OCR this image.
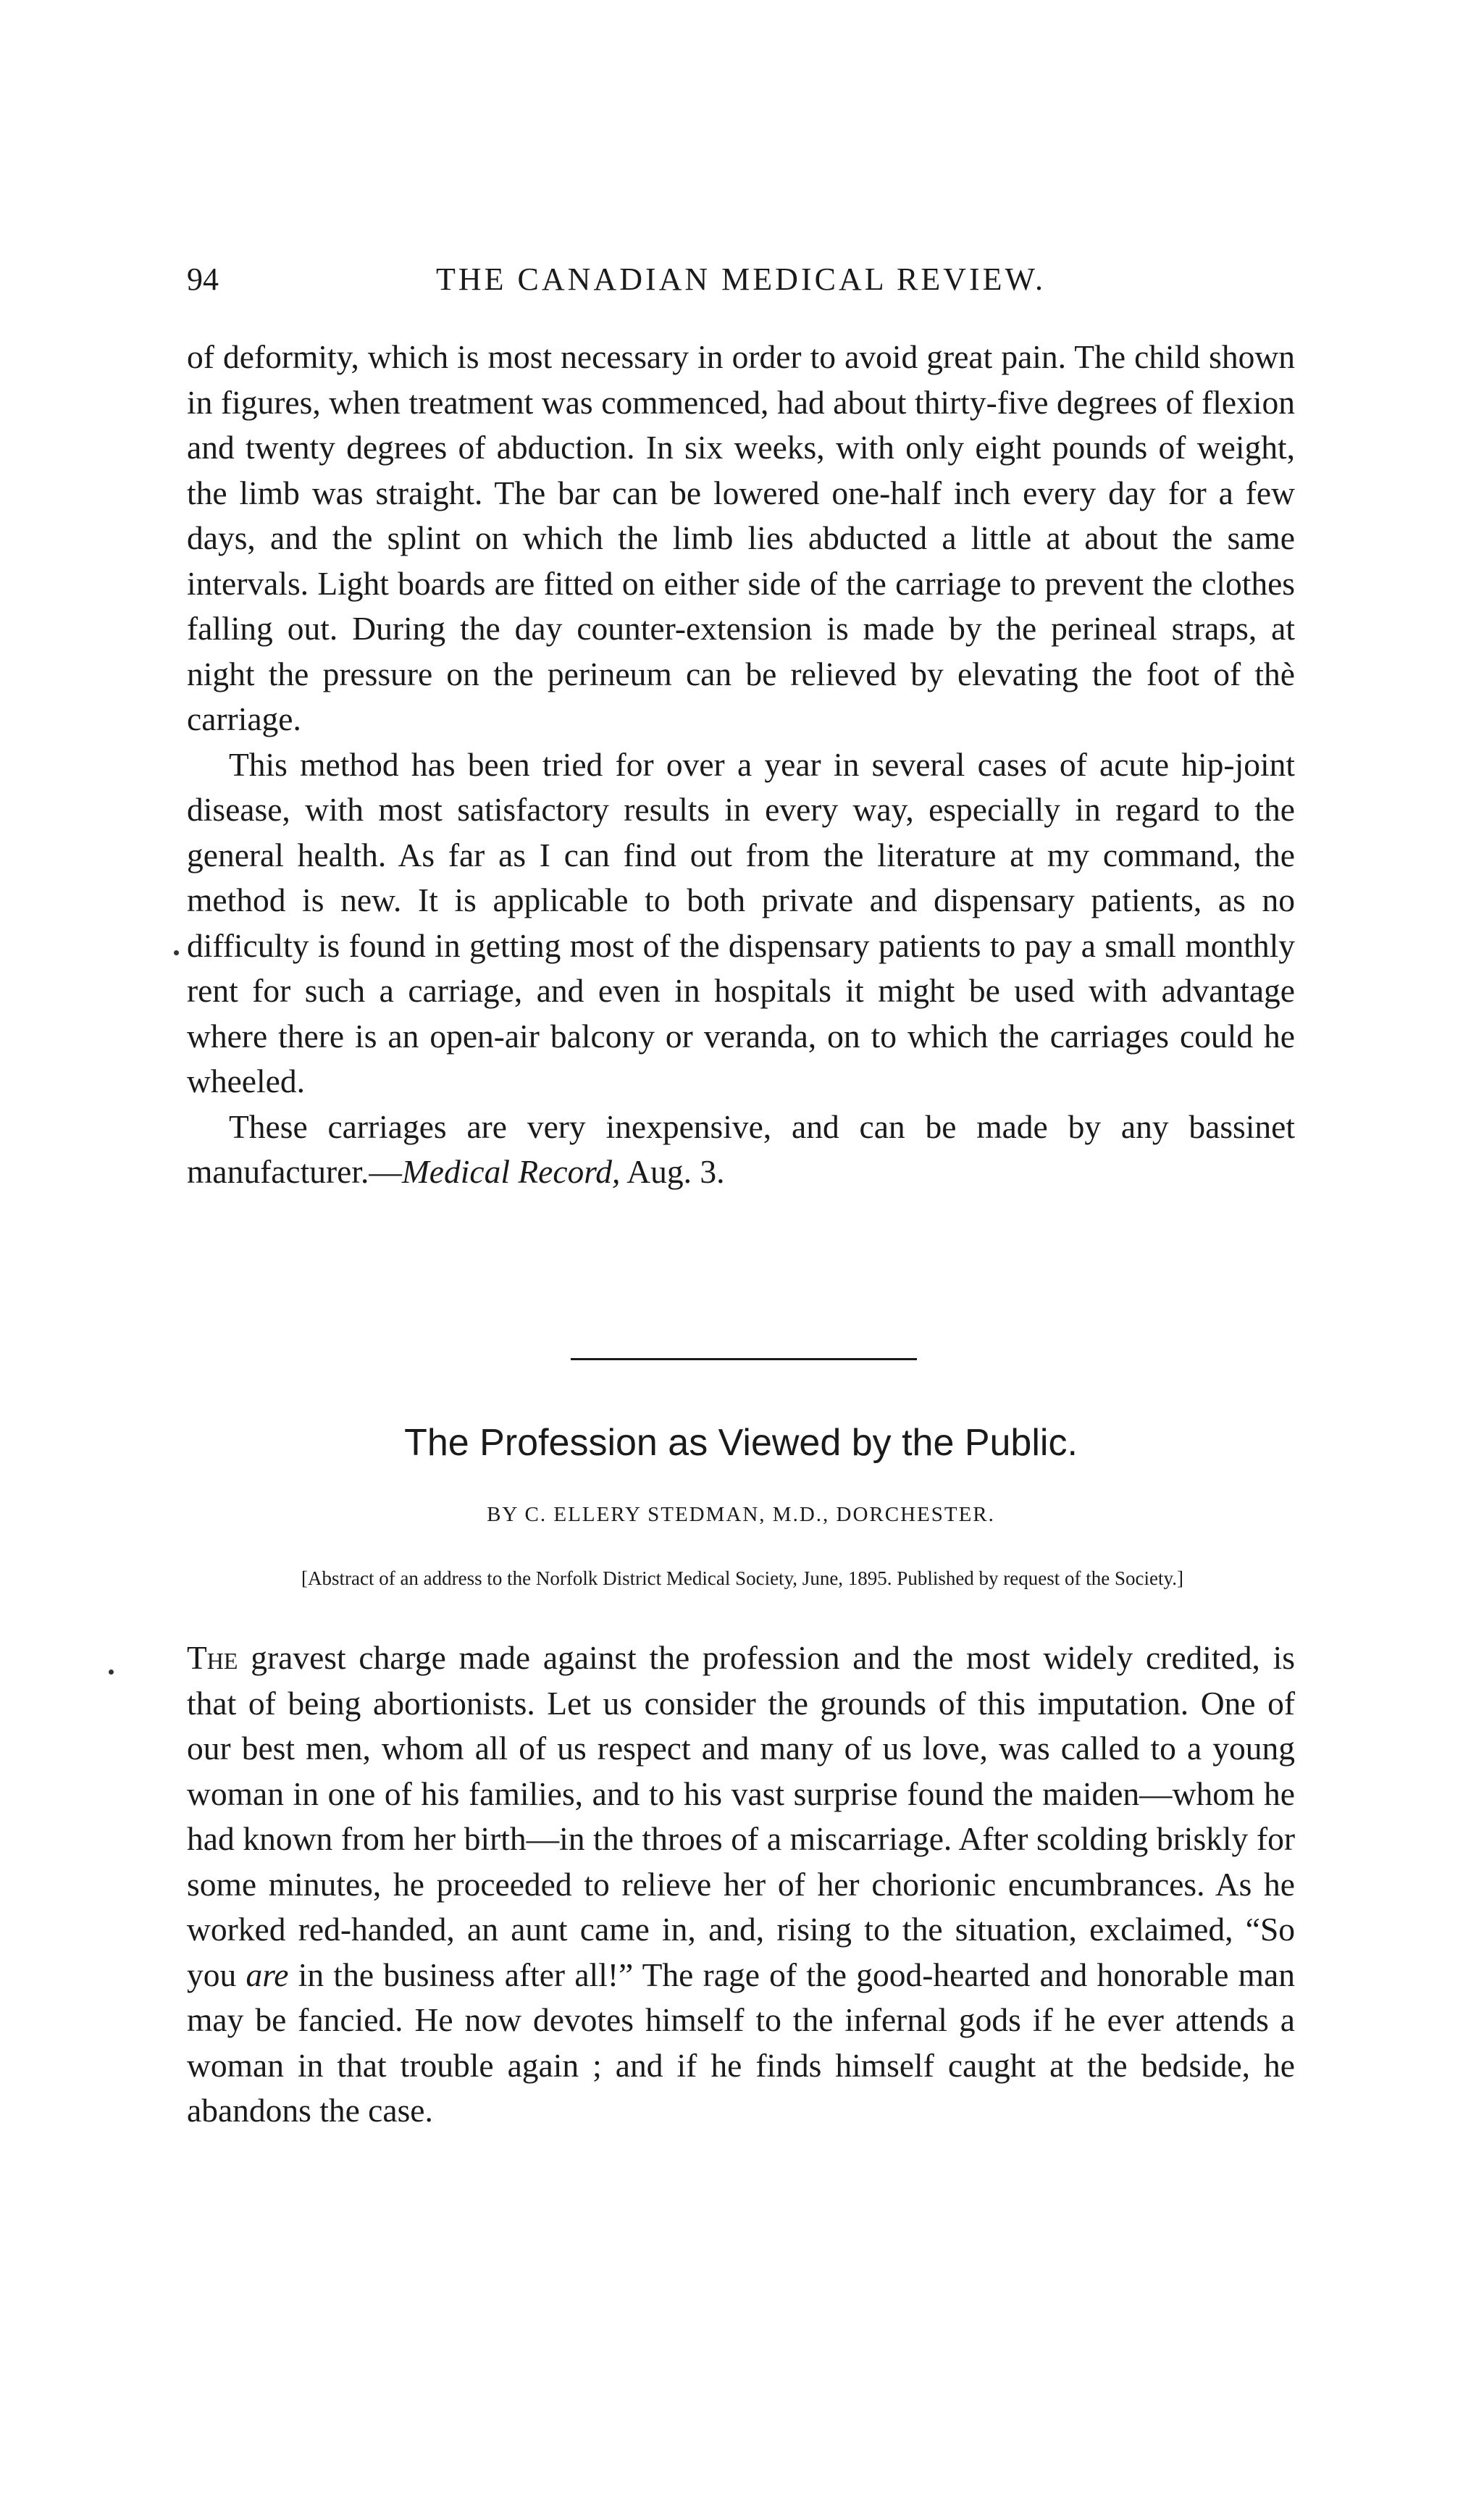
94	THE CANADIAN MEDICAL REVIEW.

of deformity, which is most necessary in order to avoid great pain. The child shown in figures, when treatment was commenced, had about thirty-five degrees of flexion and twenty degrees of abduction. In six weeks, with only eight pounds of weight, the limb was straight. The bar can be lowered one-half inch every day for a few days, and the splint on which the limb lies abducted a little at about the same intervals. Light boards are fitted on either side of the carriage to prevent the clothes falling out. During the day counter-extension is made by the perineal straps, at night the pressure on the perineum can be relieved by elevating the foot of thè carriage.

This method has been tried for over a year in several cases of acute hip-joint disease, with most satisfactory results in every way, especially in regard to the general health. As far as I can find out from the literature at my command, the method is new. It is applicable to both private and dispensary patients, as no difficulty is found in getting most of the dispensary patients to pay a small monthly rent for such a carriage, and even in hospitals it might be used with advantage where there is an open-air balcony or veranda, on to which the carriages could he wheeled.

These carriages are very inexpensive, and can be made by any bassinet manufacturer.—Medical Record, Aug. 3.

The Profession as Viewed by the Public.
BY C. ELLERY STEDMAN, M.D., DORCHESTER.
[Abstract of an address to the Norfolk District Medical Society, June, 1895. Published by request of the Society.]

The gravest charge made against the profession and the most widely credited, is that of being abortionists. Let us consider the grounds of this imputation. One of our best men, whom all of us respect and many of us love, was called to a young woman in one of his families, and to his vast surprise found the maiden—whom he had known from her birth—in the throes of a miscarriage. After scolding briskly for some minutes, he proceeded to relieve her of her chorionic encumbrances. As he worked red-handed, an aunt came in, and, rising to the situation, exclaimed, “So you are in the business after all!” The rage of the good-hearted and honorable man may be fancied. He now devotes himself to the infernal gods if he ever attends a woman in that trouble again ; and if he finds himself caught at the bedside, he abandons the case.
